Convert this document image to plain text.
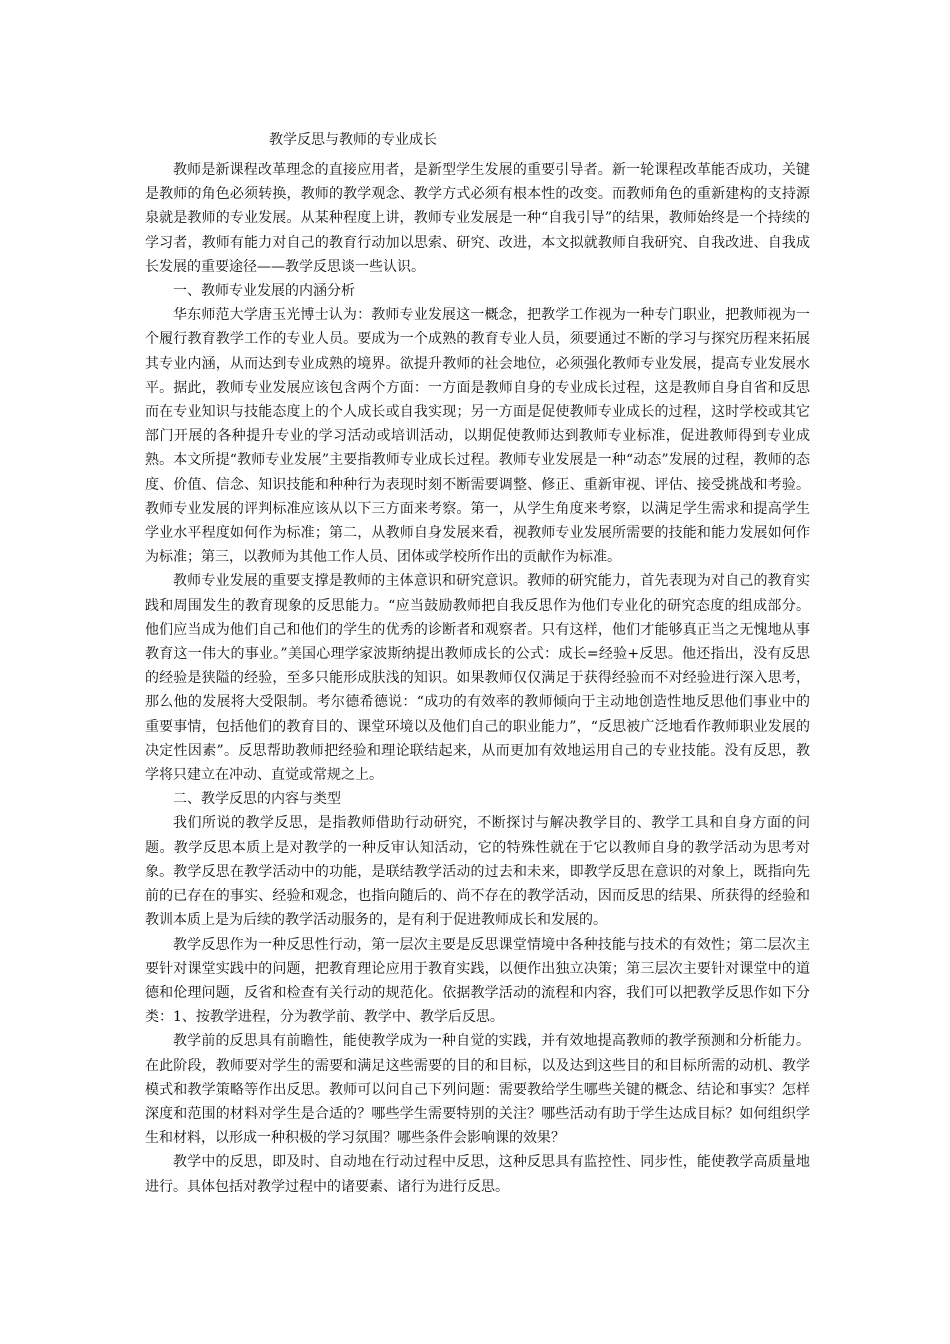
教学反思与教师的专业成长

教师是新课程改革理念的直接应用者，是新型学生发展的重要引导者。新一轮课程改革能否成功，关键是教师的角色必须转换，教师的教学观念、教学方式必须有根本性的改变。而教师角色的重新建构的支持源泉就是教师的专业发展。从某种程度上讲，教师专业发展是一种“自我引导”的结果，教师始终是一个持续的学习者，教师有能力对自己的教育行动加以思索、研究、改进，本文拟就教师自我研究、自我改进、自我成长发展的重要途径——教学反思谈一些认识。

一、教师专业发展的内涵分析

华东师范大学唐玉光博士认为：教师专业发展这一概念，把教学工作视为一种专门职业，把教师视为一个履行教育教学工作的专业人员。要成为一个成熟的教育专业人员，须要通过不断的学习与探究历程来拓展其专业内涵，从而达到专业成熟的境界。欲提升教师的社会地位，必须强化教师专业发展，提高专业发展水平。据此，教师专业发展应该包含两个方面：一方面是教师自身的专业成长过程，这是教师自身自省和反思而在专业知识与技能态度上的个人成长或自我实现；另一方面是促使教师专业成长的过程，这时学校或其它部门开展的各种提升专业的学习活动或培训活动，以期促使教师达到教师专业标准，促进教师得到专业成熟。本文所提“教师专业发展”主要指教师专业成长过程。教师专业发展是一种“动态”发展的过程，教师的态度、价值、信念、知识技能和种种行为表现时刻不断需要调整、修正、重新审视、评估、接受挑战和考验。教师专业发展的评判标准应该从以下三方面来考察。第一，从学生角度来考察，以满足学生需求和提高学生学业水平程度如何作为标准；第二，从教师自身发展来看，视教师专业发展所需要的技能和能力发展如何作为标准；第三，以教师为其他工作人员、团体或学校所作出的贡献作为标准。

教师专业发展的重要支撑是教师的主体意识和研究意识。教师的研究能力，首先表现为对自己的教育实践和周围发生的教育现象的反思能力。“应当鼓励教师把自我反思作为他们专业化的研究态度的组成部分。他们应当成为他们自己和他们的学生的优秀的诊断者和观察者。只有这样，他们才能够真正当之无愧地从事教育这一伟大的事业。”美国心理学家波斯纳提出教师成长的公式：成长=经验+反思。他还指出，没有反思的经验是狭隘的经验，至多只能形成肤浅的知识。如果教师仅仅满足于获得经验而不对经验进行深入思考，那么他的发展将大受限制。考尔德希德说：“成功的有效率的教师倾向于主动地创造性地反思他们事业中的重要事情，包括他们的教育目的、课堂环境以及他们自己的职业能力”，“反思被广泛地看作教师职业发展的决定性因素”。反思帮助教师把经验和理论联结起来，从而更加有效地运用自己的专业技能。没有反思，教学将只建立在冲动、直觉或常规之上。

二、教学反思的内容与类型

我们所说的教学反思，是指教师借助行动研究，不断探讨与解决教学目的、教学工具和自身方面的问题。教学反思本质上是对教学的一种反审认知活动，它的特殊性就在于它以教师自身的教学活动为思考对象。教学反思在教学活动中的功能，是联结教学活动的过去和未来，即教学反思在意识的对象上，既指向先前的已存在的事实、经验和观念，也指向随后的、尚不存在的教学活动，因而反思的结果、所获得的经验和教训本质上是为后续的教学活动服务的，是有利于促进教师成长和发展的。

教学反思作为一种反思性行动，第一层次主要是反思课堂情境中各种技能与技术的有效性；第二层次主要针对课堂实践中的问题，把教育理论应用于教育实践，以便作出独立决策；第三层次主要针对课堂中的道德和伦理问题，反省和检查有关行动的规范化。依据教学活动的流程和内容，我们可以把教学反思作如下分类：1、按教学进程，分为教学前、教学中、教学后反思。

教学前的反思具有前瞻性，能使教学成为一种自觉的实践，并有效地提高教师的教学预测和分析能力。在此阶段，教师要对学生的需要和满足这些需要的目的和目标，以及达到这些目的和目标所需的动机、教学模式和教学策略等作出反思。教师可以问自己下列问题：需要教给学生哪些关键的概念、结论和事实？怎样深度和范围的材料对学生是合适的？哪些学生需要特别的关注？哪些活动有助于学生达成目标？如何组织学生和材料，以形成一种积极的学习氛围？哪些条件会影响课的效果？

教学中的反思，即及时、自动地在行动过程中反思，这种反思具有监控性、同步性，能使教学高质量地进行。具体包括对教学过程中的诸要素、诸行为进行反思。
